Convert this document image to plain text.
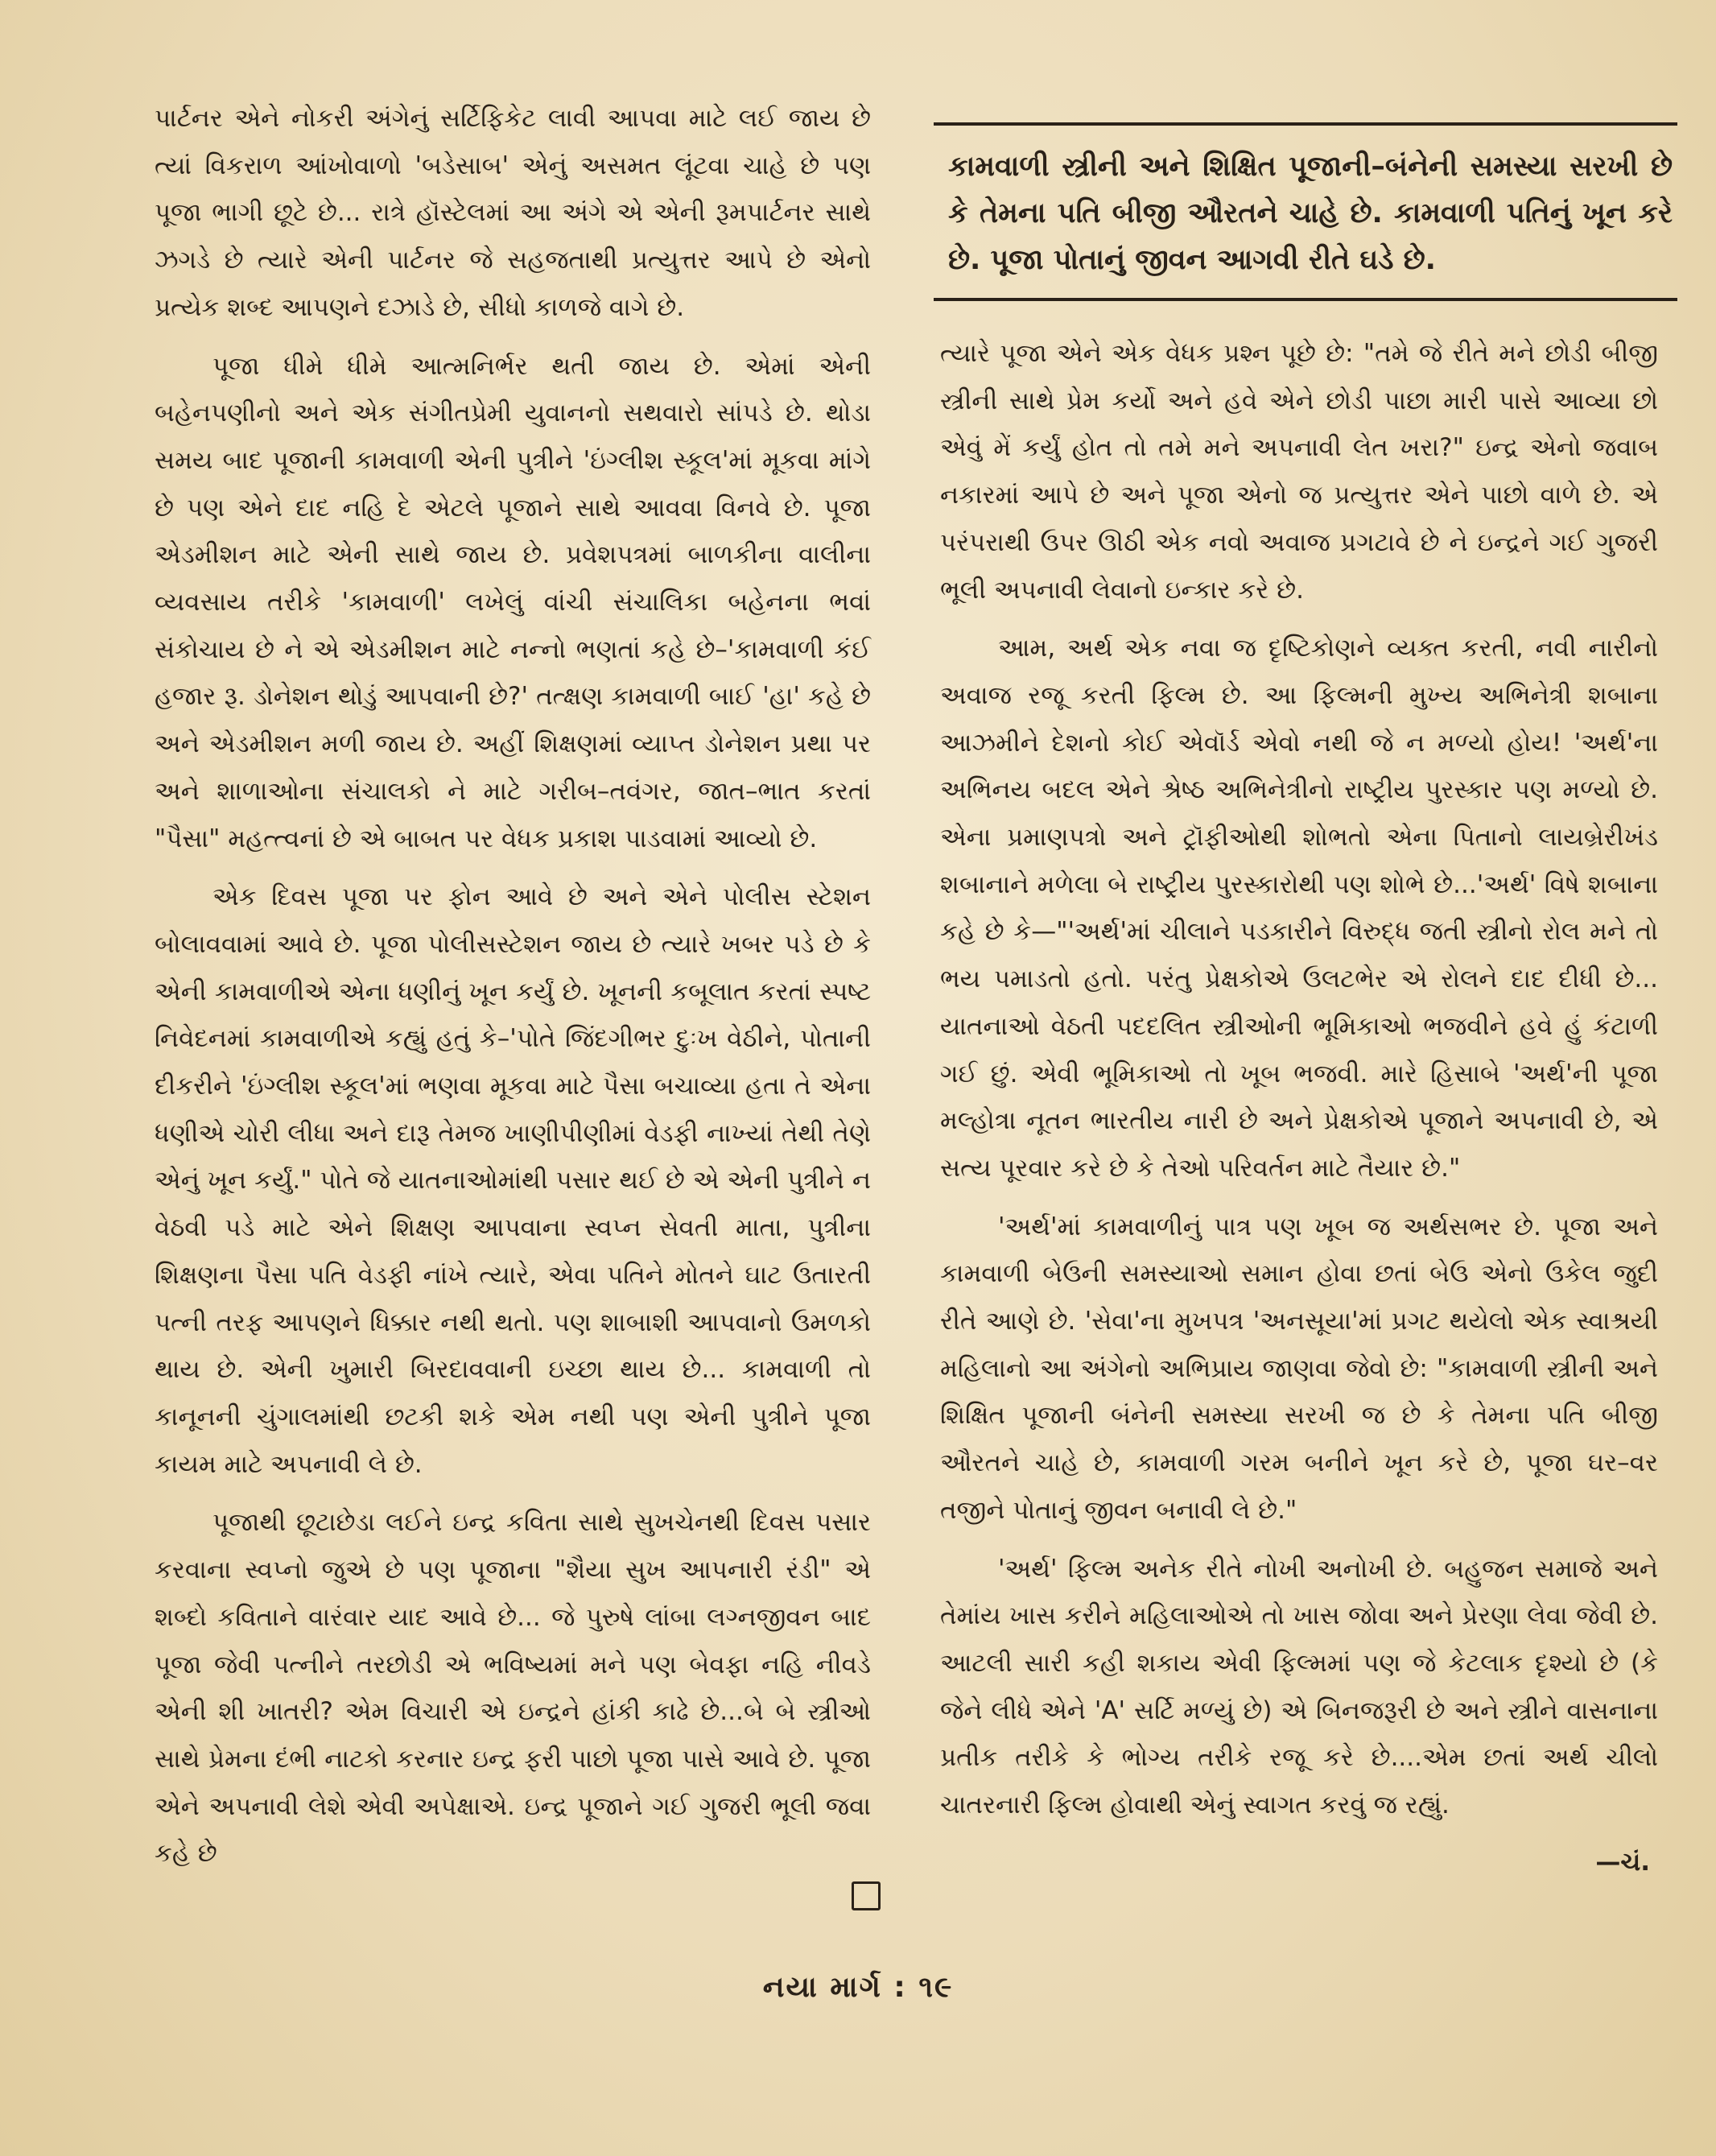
પાર્ટનર એને નોકરી અંગેનું સર્ટિફિકેટ લાવી આપવા માટે લઈ જાય છે ત્યાં વિકરાળ આંખોવાળો 'બડેસાબ' એનું અસમત લૂંટવા ચાહે છે પણ પૂજા ભાગી છૂટે છે... રાત્રે હૉસ્ટેલમાં આ અંગે એ એની રૂમપાર્ટનર સાથે ઝગડે છે ત્યારે એની પાર્ટનર જે સહજતાથી પ્રત્યુત્તર આપે છે એનો પ્રત્યેક શબ્દ આપણને દઝાડે છે, સીધો કાળજે વાગે છે.

પૂજા ધીમે ધીમે આત્મનિર્ભર થતી જાય છે. એમાં એની બહેનપણીનો અને એક સંગીતપ્રેમી યુવાનનો સથવારો સાંપડે છે. થોડા સમય બાદ પૂજાની કામવાળી એની પુત્રીને 'ઇંગ્લીશ સ્કૂલ'માં મૂકવા માંગે છે પણ એને દાદ નહિ દે એટલે પૂજાને સાથે આવવા વિનવે છે. પૂજા એડમીશન માટે એની સાથે જાય છે. પ્રવેશપત્રમાં બાળકીના વાલીના વ્યવસાય તરીકે 'કામવાળી' લખેલું વાંચી સંચાલિકા બહેનના ભવાં સંકોચાય છે ને એ એડમીશન માટે નન્નો ભણતાં કહે છે–'કામવાળી કંઈ હજાર રૂ. ડોનેશન થોડું આપવાની છે?' તત્ક્ષણ કામવાળી બાઈ 'હા' કહે છે અને એડમીશન મળી જાય છે. અહીં શિક્ષણમાં વ્યાપ્ત ડોનેશન પ્રથા પર અને શાળાઓના સંચાલકો ને માટે ગરીબ–તવંગર, જાત–ભાત કરતાં "પૈસા" મહત્ત્વનાં છે એ બાબત પર વેધક પ્રકાશ પાડવામાં આવ્યો છે.

એક દિવસ પૂજા પર ફોન આવે છે અને એને પોલીસ સ્ટેશન બોલાવવામાં આવે છે. પૂજા પોલીસસ્ટેશન જાય છે ત્યારે ખબર પડે છે કે એની કામવાળીએ એના ધણીનું ખૂન કર્યું છે. ખૂનની કબૂલાત કરતાં સ્પષ્ટ નિવેદનમાં કામવાળીએ કહ્યું હતું કે–'પોતે જિંદગીભર દુઃખ વેઠીને, પોતાની દીકરીને 'ઇંગ્લીશ સ્કૂલ'માં ભણવા મૂકવા માટે પૈસા બચાવ્યા હતા તે એના ધણીએ ચોરી લીધા અને દારૂ તેમજ ખાણીપીણીમાં વેડફી નાખ્યાં તેથી તેણે એનું ખૂન કર્યું." પોતે જે યાતનાઓમાંથી પસાર થઈ છે એ એની પુત્રીને ન વેઠવી પડે માટે એને શિક્ષણ આપવાના સ્વપ્ન સેવતી માતા, પુત્રીના શિક્ષણના પૈસા પતિ વેડફી નાંખે ત્યારે, એવા પતિને મોતને ઘાટ ઉતારતી પત્ની તરફ આપણને ધિક્કાર નથી થતો. પણ શાબાશી આપવાનો ઉમળકો થાય છે. એની ખુમારી બિરદાવવાની ઇચ્છા થાય છે... કામવાળી તો કાનૂનની ચુંગાલમાંથી છટકી શકે એમ નથી પણ એની પુત્રીને પૂજા કાયમ માટે અપનાવી લે છે.

પૂજાથી છૂટાછેડા લઈને ઇન્દ્ર કવિતા સાથે સુખચેનથી દિવસ પસાર કરવાના સ્વપ્નો જુએ છે પણ પૂજાના "શૈયા સુખ આપનારી રંડી" એ શબ્દો કવિતાને વારંવાર યાદ આવે છે... જે પુરુષે લાંબા લગ્નજીવન બાદ પૂજા જેવી પત્નીને તરછોડી એ ભવિષ્યમાં મને પણ બેવફા નહિ નીવડે એની શી ખાતરી? એમ વિચારી એ ઇન્દ્રને હાંકી કાઢે છે...બે બે સ્ત્રીઓ સાથે પ્રેમના દંભી નાટકો કરનાર ઇન્દ્ર ફરી પાછો પૂજા પાસે આવે છે. પૂજા એને અપનાવી લેશે એવી અપેક્ષાએ. ઇન્દ્ર પૂજાને ગઈ ગુજરી ભૂલી જવા કહે છે

કામવાળી સ્ત્રીની અને શિક્ષિત પૂજાની–બંનેની સમસ્યા સરખી છે કે તેમના પતિ બીજી ઔરતને ચાહે છે. કામવાળી પતિનું ખૂન કરે છે. પૂજા પોતાનું જીવન આગવી રીતે ઘડે છે.

ત્યારે પૂજા એને એક વેધક પ્રશ્ન પૂછે છે: "તમે જે રીતે મને છોડી બીજી સ્ત્રીની સાથે પ્રેમ કર્યો અને હવે એને છોડી પાછા મારી પાસે આવ્યા છો એવું મેં કર્યું હોત તો તમે મને અપનાવી લેત ખરા?" ઇન્દ્ર એનો જવાબ નકારમાં આપે છે અને પૂજા એનો જ પ્રત્યુત્તર એને પાછો વાળે છે. એ પરંપરાથી ઉપર ઊઠી એક નવો અવાજ પ્રગટાવે છે ને ઇન્દ્રને ગઈ ગુજરી ભૂલી અપનાવી લેવાનો ઇન્કાર કરે છે.

આમ, અર્થ એક નવા જ દૃષ્ટિકોણને વ્યક્ત કરતી, નવી નારીનો અવાજ રજૂ કરતી ફિલ્મ છે. આ ફિલ્મની મુખ્ય અભિનેત્રી શબાના આઝમીને દેશનો કોઈ એવૉર્ડ એવો નથી જે ન મળ્યો હોય! 'અર્થ'ના અભિનય બદલ એને શ્રેષ્ઠ અભિનેત્રીનો રાષ્ટ્રીય પુરસ્કાર પણ મળ્યો છે. એના પ્રમાણપત્રો અને ટ્રૉફીઓથી શોભતો એના પિતાનો લાયબ્રેરીખંડ શબાનાને મળેલા બે રાષ્ટ્રીય પુરસ્કારોથી પણ શોભે છે...'અર્થ' વિષે શબાના કહે છે કે—"'અર્થ'માં ચીલાને પડકારીને વિરુદ્ધ જતી સ્ત્રીનો રોલ મને તો ભય પમાડતો હતો. પરંતુ પ્રેક્ષકોએ ઉલટભેર એ રોલને દાદ દીધી છે... યાતનાઓ વેઠતી પદદલિત સ્ત્રીઓની ભૂમિકાઓ ભજવીને હવે હું કંટાળી ગઈ છું. એવી ભૂમિકાઓ તો ખૂબ ભજવી. મારે હિસાબે 'અર્થ'ની પૂજા મલ્હોત્રા નૂતન ભારતીય નારી છે અને પ્રેક્ષકોએ પૂજાને અપનાવી છે, એ સત્ય પૂરવાર કરે છે કે તેઓ પરિવર્તન માટે તૈયાર છે."

'અર્થ'માં કામવાળીનું પાત્ર પણ ખૂબ જ અર્થસભર છે. પૂજા અને કામવાળી બેઉની સમસ્યાઓ સમાન હોવા છતાં બેઉ એનો ઉકેલ જુદી રીતે આણે છે. 'સેવા'ના મુખપત્ર 'અનસૂયા'માં પ્રગટ થયેલો એક સ્વાશ્રયી મહિલાનો આ અંગેનો અભિપ્રાય જાણવા જેવો છે: "કામવાળી સ્ત્રીની અને શિક્ષિત પૂજાની બંનેની સમસ્યા સરખી જ છે કે તેમના પતિ બીજી ઔરતને ચાહે છે, કામવાળી ગરમ બનીને ખૂન કરે છે, પૂજા ઘર–વર તજીને પોતાનું જીવન બનાવી લે છે."

'અર્થ' ફિલ્મ અનેક રીતે નોખી અનોખી છે. બહુજન સમાજે અને તેમાંય ખાસ કરીને મહિલાઓએ તો ખાસ જોવા અને પ્રેરણા લેવા જેવી છે. આટલી સારી કહી શકાય એવી ફિલ્મમાં પણ જે કેટલાક દૃશ્યો છે (કે જેને લીધે એને 'A' સર્ટિ મળ્યું છે) એ બિનજરૂરી છે અને સ્ત્રીને વાસનાના પ્રતીક તરીકે કે ભોગ્ય તરીકે રજૂ કરે છે....એમ છતાં અર્થ ચીલો ચાતરનારી ફિલ્મ હોવાથી એનું સ્વાગત કરવું જ રહ્યું.

—ચં.

નયા માર્ગ : ૧૯
